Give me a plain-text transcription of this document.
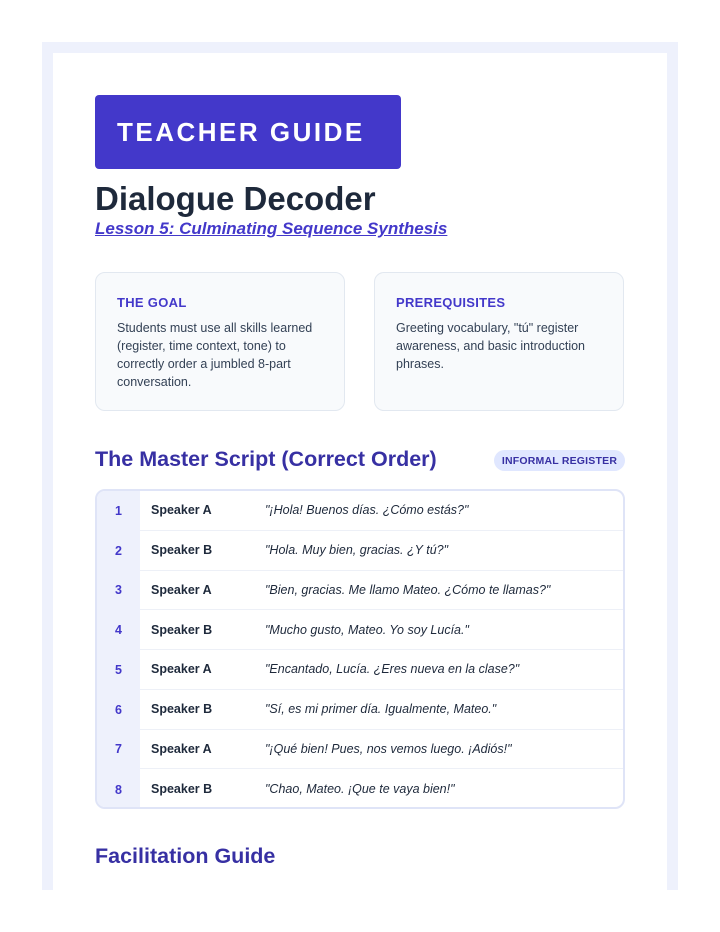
TEACHER GUIDE
Dialogue Decoder
Lesson 5: Culminating Sequence Synthesis
THE GOAL
Students must use all skills learned (register, time context, tone) to correctly order a jumbled 8-part conversation.
PREREQUISITES
Greeting vocabulary, "tú" register awareness, and basic introduction phrases.
The Master Script (Correct Order)	INFORMAL REGISTER
1	Speaker A	"¡Hola! Buenos días. ¿Cómo estás?"
2	Speaker B	"Hola. Muy bien, gracias. ¿Y tú?"
3	Speaker A	"Bien, gracias. Me llamo Mateo. ¿Cómo te llamas?"
4	Speaker B	"Mucho gusto, Mateo. Yo soy Lucía."
5	Speaker A	"Encantado, Lucía. ¿Eres nueva en la clase?"
6	Speaker B	"Sí, es mi primer día. Igualmente, Mateo."
7	Speaker A	"¡Qué bien! Pues, nos vemos luego. ¡Adiós!"
8	Speaker B	"Chao, Mateo. ¡Que te vaya bien!"
Facilitation Guide
